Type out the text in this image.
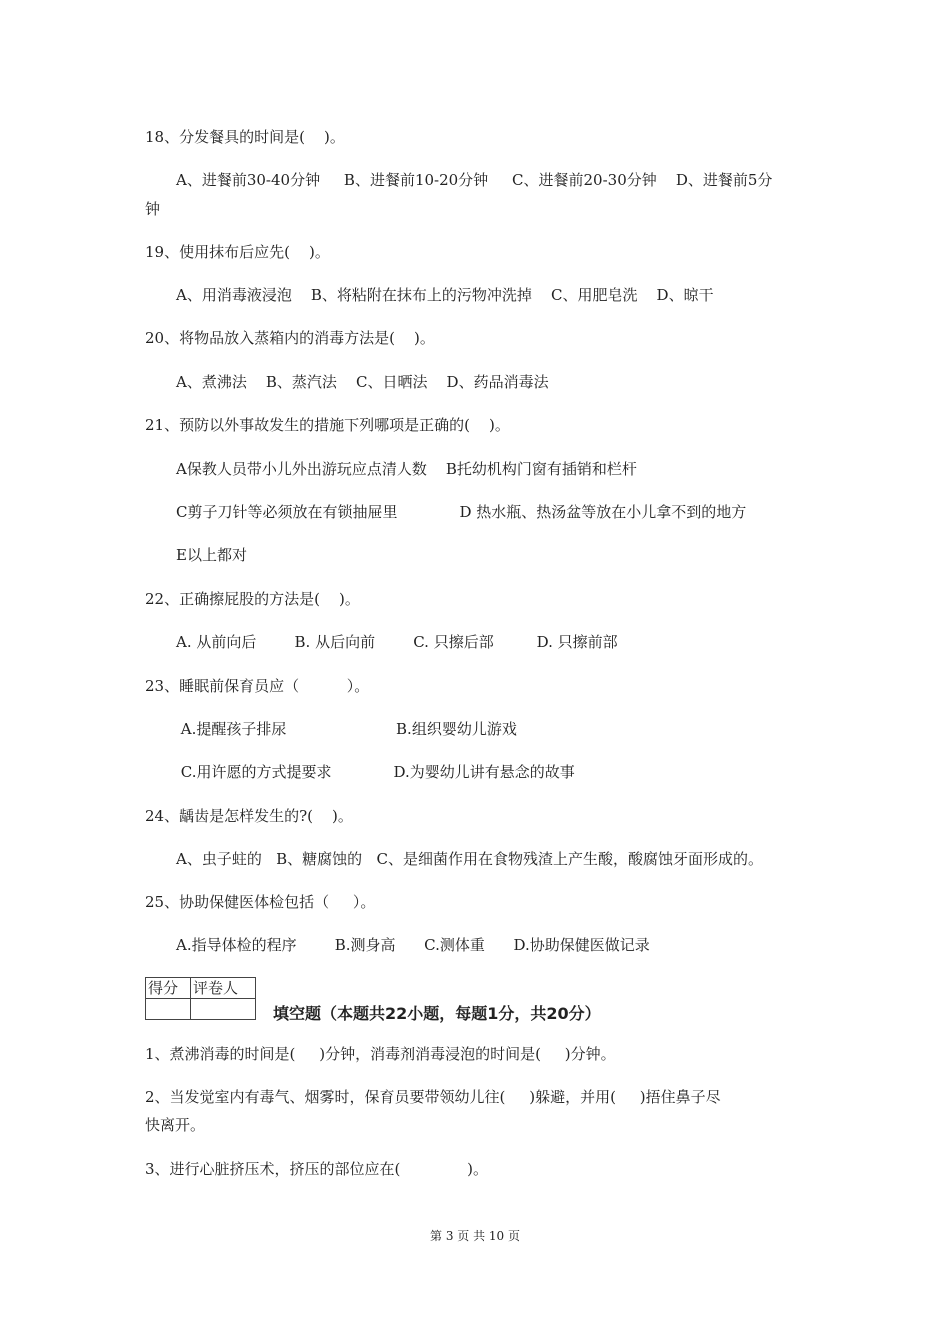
18、分发餐具的时间是(    )。
A、进餐前30-40分钟     B、进餐前10-20分钟     C、进餐前20-30分钟    D、进餐前5分
钟
19、使用抹布后应先(    )。
A、用消毒液浸泡    B、将粘附在抹布上的污物冲洗掉    C、用肥皂洗    D、晾干
20、将物品放入蒸箱内的消毒方法是(    )。
A、煮沸法    B、蒸汽法    C、日晒法    D、药品消毒法
21、预防以外事故发生的措施下列哪项是正确的(    )。
A保教人员带小儿外出游玩应点清人数    B托幼机构门窗有插销和栏杆
C剪子刀针等必须放在有锁抽屉里             D 热水瓶、热汤盆等放在小儿拿不到的地方
E以上都对
22、正确擦屁股的方法是(    )。
A. 从前向后        B. 从后向前        C. 只擦后部         D. 只擦前部
23、睡眠前保育员应（          ）。
A.提醒孩子排尿                       B.组织婴幼儿游戏
C.用许愿的方式提要求             D.为婴幼儿讲有悬念的故事
24、龋齿是怎样发生的?(    )。
A、虫子蛀的   B、糖腐蚀的   C、是细菌作用在食物残渣上产生酸，酸腐蚀牙面形成的。
25、协助保健医体检包括（     ）。
A.指导体检的程序        B.测身高      C.测体重      D.协助保健医做记录
得分	评卷人

填空题（本题共22小题，每题1分，共20分）
1、煮沸消毒的时间是(     )分钟，消毒剂消毒浸泡的时间是(     )分钟。
2、当发觉室内有毒气、烟雾时，保育员要带领幼儿往(     )躲避，并用(     )捂住鼻子尽
快离开。
3、进行心脏挤压术，挤压的部位应在(              )。
第 3 页 共 10 页
